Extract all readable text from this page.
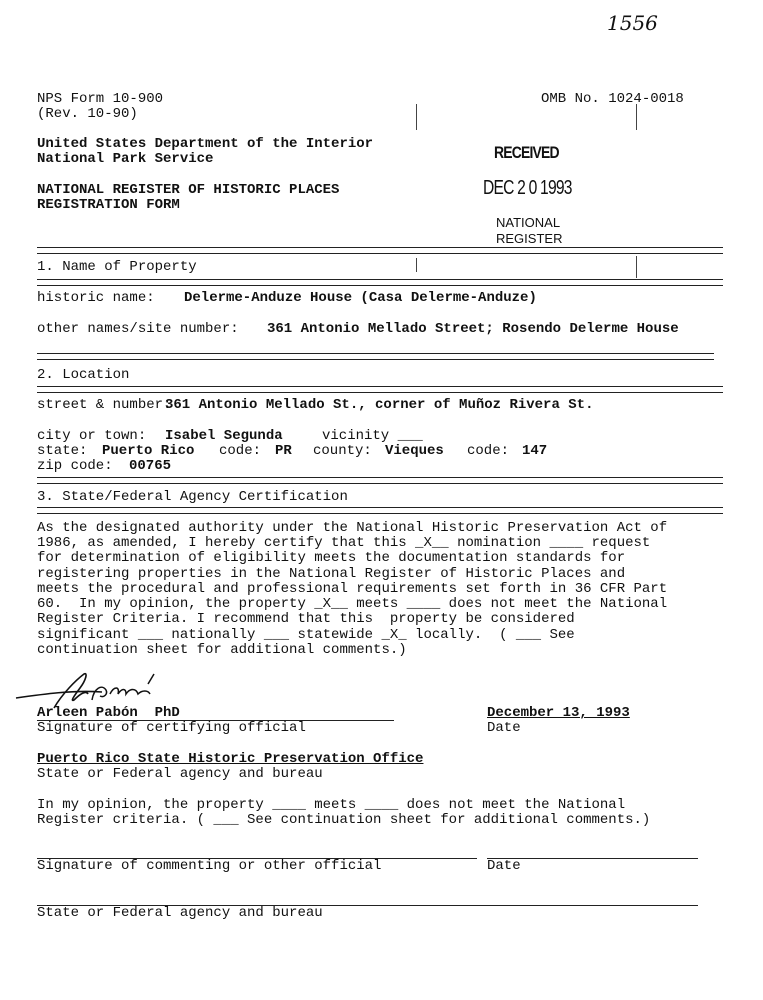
1556
NPS Form 10-900
(Rev. 10-90)
OMB No. 1024-0018
United States Department of the Interior
National Park Service
NATIONAL REGISTER OF HISTORIC PLACES
REGISTRATION FORM
RECEIVED
DEC 2 0 1993
NATIONAL
REGISTER
1. Name of Property
historic name: Delerme-Anduze House (Casa Delerme-Anduze)
other names/site number: 361 Antonio Mellado Street; Rosendo Delerme House
2. Location
street & number:
361 Antonio Mellado St., corner of Muñoz Rivera St.
city or town: Isabel Segunda	vicinity ___
state: Puerto Rico code: PR county: Vieques code: 147
zip code: 00765
3. State/Federal Agency Certification
As the designated authority under the National Historic Preservation Act of
1986, as amended, I hereby certify that this _X__ nomination ____ request
for determination of eligibility meets the documentation standards for
registering properties in the National Register of Historic Places and
meets the procedural and professional requirements set forth in 36 CFR Part
60.  In my opinion, the property _X__ meets ____ does not meet the National
Register Criteria. I recommend that this  property be considered
significant ___ nationally ___ statewide _X_ locally.  ( ___ See
continuation sheet for additional comments.)
Arleen Pabón  PhD
Signature of certifying official
December 13, 1993
Date
Puerto Rico State Historic Preservation Office
State or Federal agency and bureau
In my opinion, the property ____ meets ____ does not meet the National
Register criteria. ( ___ See continuation sheet for additional comments.)
Signature of commenting or other official	Date
State or Federal agency and bureau
